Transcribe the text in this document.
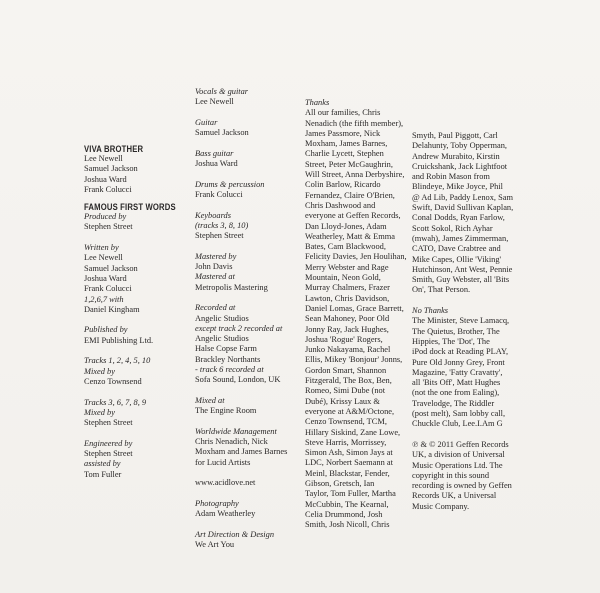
VIVA BROTHER
Lee Newell
Samuel Jackson
Joshua Ward
Frank Colucci
FAMOUS FIRST WORDS
Produced by
Stephen Street
Written by
Lee Newell
Samuel Jackson
Joshua Ward
Frank Colucci
1,2,6,7 with
Daniel Kingham
Published by
EMI Publishing Ltd.
Tracks 1, 2, 4, 5, 10
Mixed by
Cenzo Townsend
Tracks 3, 6, 7, 8, 9
Mixed by
Stephen Street
Engineered by
Stephen Street
assisted by
Tom Fuller
Vocals & guitar
Lee Newell
Guitar
Samuel Jackson
Bass guitar
Joshua Ward
Drums & percussion
Frank Colucci
Keyboards
(tracks 3, 8, 10)
Stephen Street
Mastered by
John Davis
Mastered at
Metropolis Mastering
Recorded at
Angelic Studios
except track 2 recorded at
Angelic Studios
Halse Copse Farm
Brackley Northants
- track 6 recorded at
Sofa Sound, London, UK
Mixed at
The Engine Room
Worldwide Management
Chris Nenadich, Nick
Moxham and James Barnes
for Lucid Artists
www.acidlove.net
Photography
Adam Weatherley
Art Direction & Design
We Art You
Thanks
All our families, Chris
Nenadich (the fifth member),
James Passmore, Nick
Moxham, James Barnes,
Charlie Lycett, Stephen
Street, Peter McGaughrin,
Will Street, Anna Derbyshire,
Colin Barlow, Ricardo
Fernandez, Claire O'Brien,
Chris Dashwood and
everyone at Geffen Records,
Dan Lloyd-Jones, Adam
Weatherley, Matt & Emma
Bates, Cam Blackwood,
Felicity Davies, Jen Houlihan,
Merry Webster and Rage
Mountain, Neon Gold,
Murray Chalmers, Frazer
Lawton, Chris Davidson,
Daniel Lomas, Grace Barrett,
Sean Mahoney, Poor Old
Jonny Ray, Jack Hughes,
Joshua 'Rogue' Rogers,
Junko Nakayama, Rachel
Ellis, Mikey 'Bonjour' Jonns,
Gordon Smart, Shannon
Fitzgerald, The Box, Ben,
Romeo, Simi Dube (not
Dubé), Krissy Laux &
everyone at A&M/Octone,
Cenzo Townsend, TCM,
Hillary Siskind, Zane Lowe,
Steve Harris, Morrissey,
Simon Ash, Simon Jays at
LDC, Norbert Saemann at
Meinl, Blackstar, Fender,
Gibson, Gretsch, Ian
Taylor, Tom Fuller, Martha
McCubbin, The Kearnal,
Celia Drummond, Josh
Smith, Josh Nicoll, Chris
Smyth, Paul Piggott, Carl
Delahunty, Toby Opperman,
Andrew Murabito, Kirstin
Cruickshank, Jack Lightfoot
and Robin Mason from
Blindeye, Mike Joyce, Phil
@ Ad Lib, Paddy Lenox, Sam
Swift, David Sullivan Kaplan,
Conal Dodds, Ryan Farlow,
Scott Sokol, Rich Ayhar
(mwah), James Zimmerman,
CATO, Dave Crabtree and
Mike Capes, Ollie 'Viking'
Hutchinson, Ant West, Pennie
Smith, Guy Webster, all 'Bits
On', That Person.
No Thanks
The Minister, Steve Lamacq,
The Quietus, Brother, The
Hippies, The 'Dot', The
iPod dock at Reading PLAY,
Pure Old Jonny Grey, Front
Magazine, 'Fatty Cravatty',
all 'Bits Off', Matt Hughes
(not the one from Ealing),
Travelodge, The Riddler
(post melt), Sam lobby call,
Chuckle Club, Lee.I.Am G
℗ & © 2011 Geffen Records
UK, a division of Universal
Music Operations Ltd. The
copyright in this sound
recording is owned by Geffen
Records UK, a Universal
Music Company.
